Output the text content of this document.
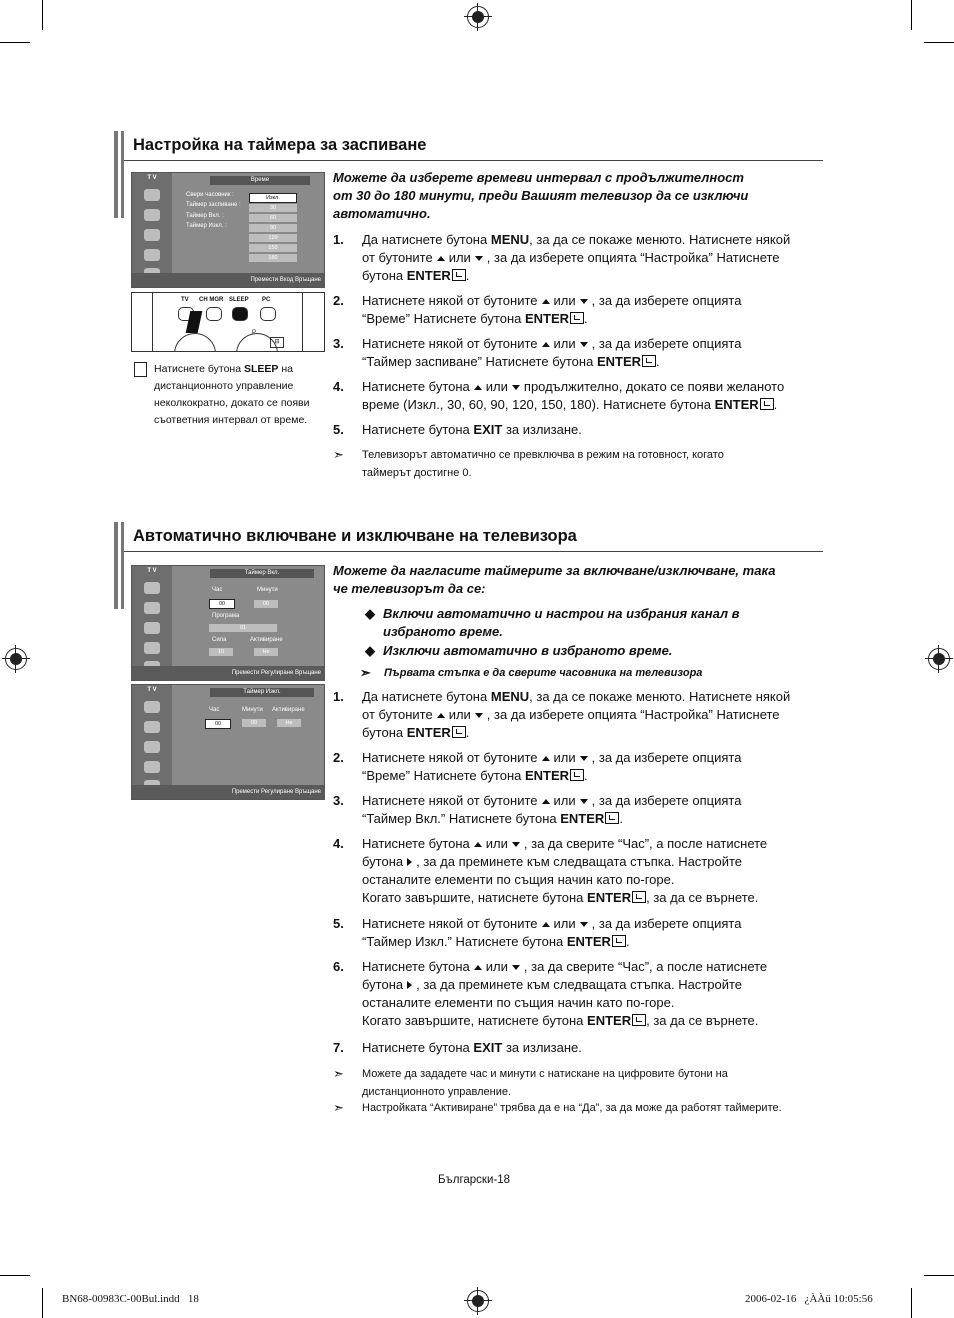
Настройка на таймера за заспиване
T V	Време
Свери часовник :
Таймер заспиване :
Таймер Вкл. :
Таймер Изкл. :
Изкл.
30
60
90
120
150
180
Премести Вход Връщане
TV CH MGR SLEEP PC
P
⊟
Натиснете бутона SLEEP на
дистанционното управление
неколкократно, докато се появи
съответния интервал от време.
Можете да изберете времеви интервал с продължителност
от 30 до 180 минути, преди Вашият телевизор да се изключи
автоматично.
1. Да натиснете бутона MENU, за да се покаже менюто. Натиснете някой
от бутоните или , за да изберете опцията “Настройка” Натиснете
бутона ENTER .
2. Натиснете някой от бутоните или , за да изберете опцията
“Време” Натиснете бутона ENTER .
3. Натиснете някой от бутоните или , за да изберете опцията
“Таймер заспиване” Натиснете бутона ENTER .
4. Натиснете бутона или продължително, докато се появи желаното
време (Изкл., 30, 60, 90, 120, 150, 180). Натиснете бутона ENTER .
5. Натиснете бутона EXIT за излизане.
➣ Телевизорът автоматично се превключва в режим на готовност, когато
таймерът достигне 0.
Автоматично включване и изключване на телевизора
T V	Таймер Вкл.
Час	Минути
00	00
Програма
01
Сила	Активиране
10	Не
Премести Регулиране Връщане
T V	Таймер Изкл.
Час	Минути Активиране
00	00	Не
Премести Регулиране Връщане
Можете да нагласите таймерите за включване/изключване, така
че телевизорът да се:
◆ Включи автоматично и настрои на избрания канал в
избраното време.
◆ Изключи автоматично в избраното време.
➣ Първата стъпка е да сверите часовника на телевизора
1. Да натиснете бутона MENU, за да се покаже менюто. Натиснете някой
от бутоните или , за да изберете опцията “Настройка” Натиснете
бутона ENTER .
2. Натиснете някой от бутоните или , за да изберете опцията
“Време” Натиснете бутона ENTER .
3. Натиснете някой от бутоните или , за да изберете опцията
“Таймер Вкл.” Натиснете бутона ENTER .
4. Натиснете бутона или , за да сверите “Час”, а после натиснете
бутона , за да преминете към следващата стъпка. Настройте
останалите елементи по същия начин като по-горе.
Когато завършите, натиснете бутона ENTER , за да се върнете.
5. Натиснете някой от бутоните или , за да изберете опцията
“Таймер Изкл.” Натиснете бутона ENTER .
6. Натиснете бутона или , за да сверите “Час”, а после натиснете
бутона , за да преминете към следващата стъпка. Настройте
останалите елементи по същия начин като по-горе.
Когато завършите, натиснете бутона ENTER , за да се върнете.
7. Натиснете бутона EXIT за излизане.
➣ Можете да зададете час и минути с натискане на цифровите бутони на
дистанционното управление.
➣ Настройката “Активиране” трябва да е на “Да”, за да може да работят таймерите.
Български-18
BN68-00983C-00Bul.indd   18	2006-02-16   ¿ÀÀü 10:05:56
